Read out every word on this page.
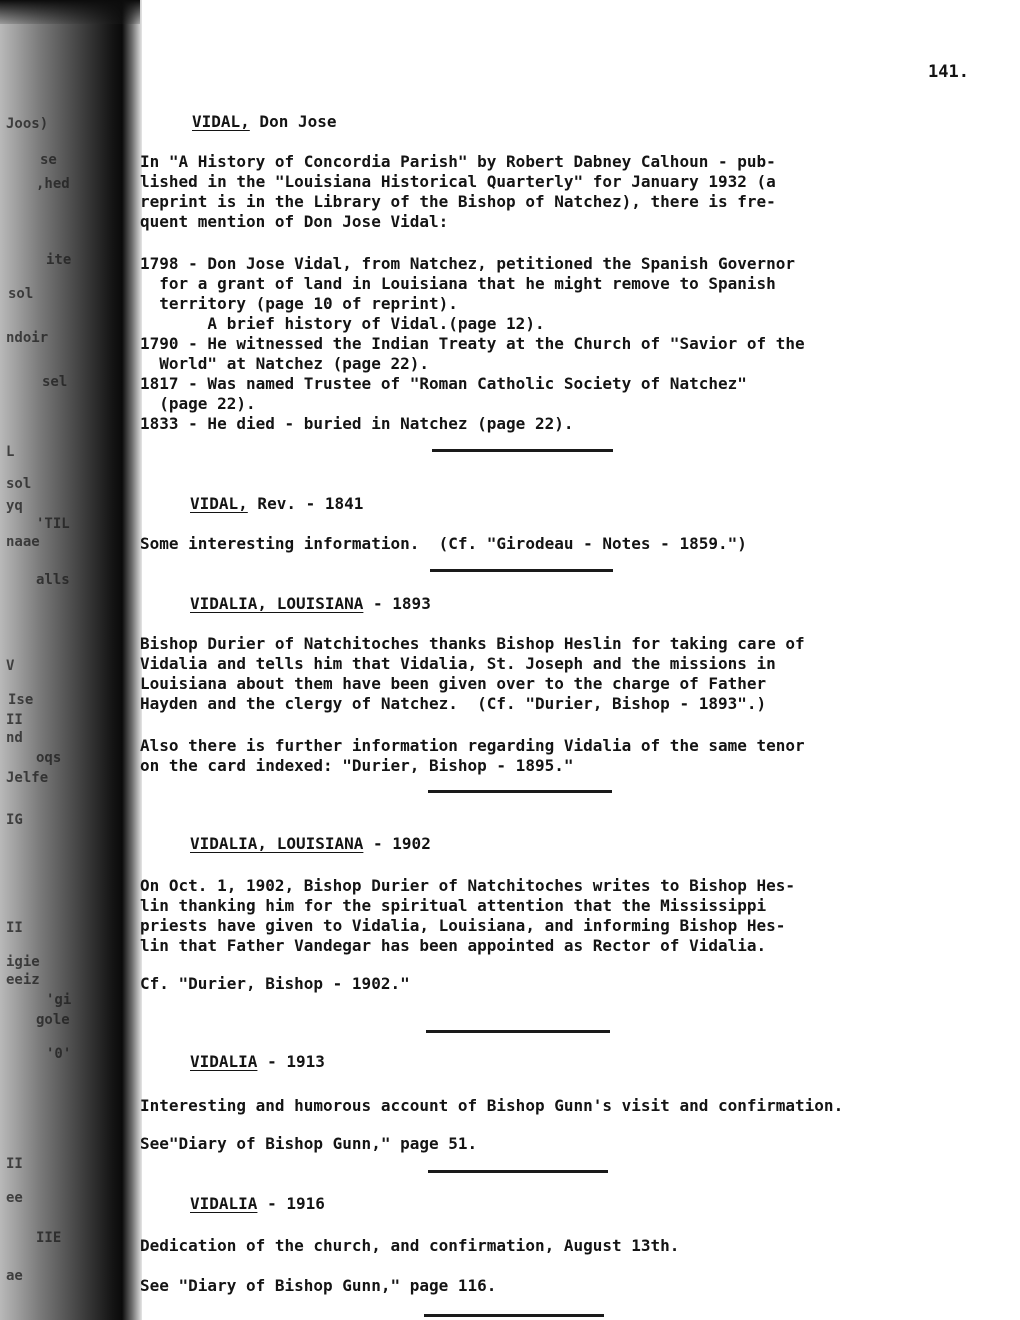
Joos)
se
,hed
ite
sol
ndoir
sel
L
sol
yq
'TIL
naae
alls
V
Ise
II
nd
oqs
Jelfe
IG
II
igie
eeiz
'gi
gole
'0'
II
ee
IIE
ae
141.
VIDAL, Don Jose

In "A History of Concordia Parish" by Robert Dabney Calhoun - pub-
lished in the "Louisiana Historical Quarterly" for January 1932 (a
reprint is in the Library of the Bishop of Natchez), there is fre-
quent mention of Don Jose Vidal:

1798 - Don Jose Vidal, from Natchez, petitioned the Spanish Governor
for a grant of land in Louisiana that he might remove to Spanish
territory (page 10 of reprint).
A brief history of Vidal.(page 12).
1790 - He witnessed the Indian Treaty at the Church of "Savior of the
World" at Natchez (page 22).
1817 - Was named Trustee of "Roman Catholic Society of Natchez"
(page 22).
1833 - He died - buried in Natchez (page 22).

VIDAL, Rev. - 1841

Some interesting information.  (Cf. "Girodeau - Notes - 1859.")

VIDALIA, LOUISIANA - 1893

Bishop Durier of Natchitoches thanks Bishop Heslin for taking care of
Vidalia and tells him that Vidalia, St. Joseph and the missions in
Louisiana about them have been given over to the charge of Father
Hayden and the clergy of Natchez.  (Cf. "Durier, Bishop - 1893".)

Also there is further information regarding Vidalia of the same tenor
on the card indexed: "Durier, Bishop - 1895."

VIDALIA, LOUISIANA - 1902

On Oct. 1, 1902, Bishop Durier of Natchitoches writes to Bishop Hes-
lin thanking him for the spiritual attention that the Mississippi
priests have given to Vidalia, Louisiana, and informing Bishop Hes-
lin that Father Vandegar has been appointed as Rector of Vidalia.

Cf. "Durier, Bishop - 1902."

VIDALIA - 1913

Interesting and humorous account of Bishop Gunn's visit and confirmation.

See"Diary of Bishop Gunn," page 51.

VIDALIA - 1916

Dedication of the church, and confirmation, August 13th.

See "Diary of Bishop Gunn," page 116.
